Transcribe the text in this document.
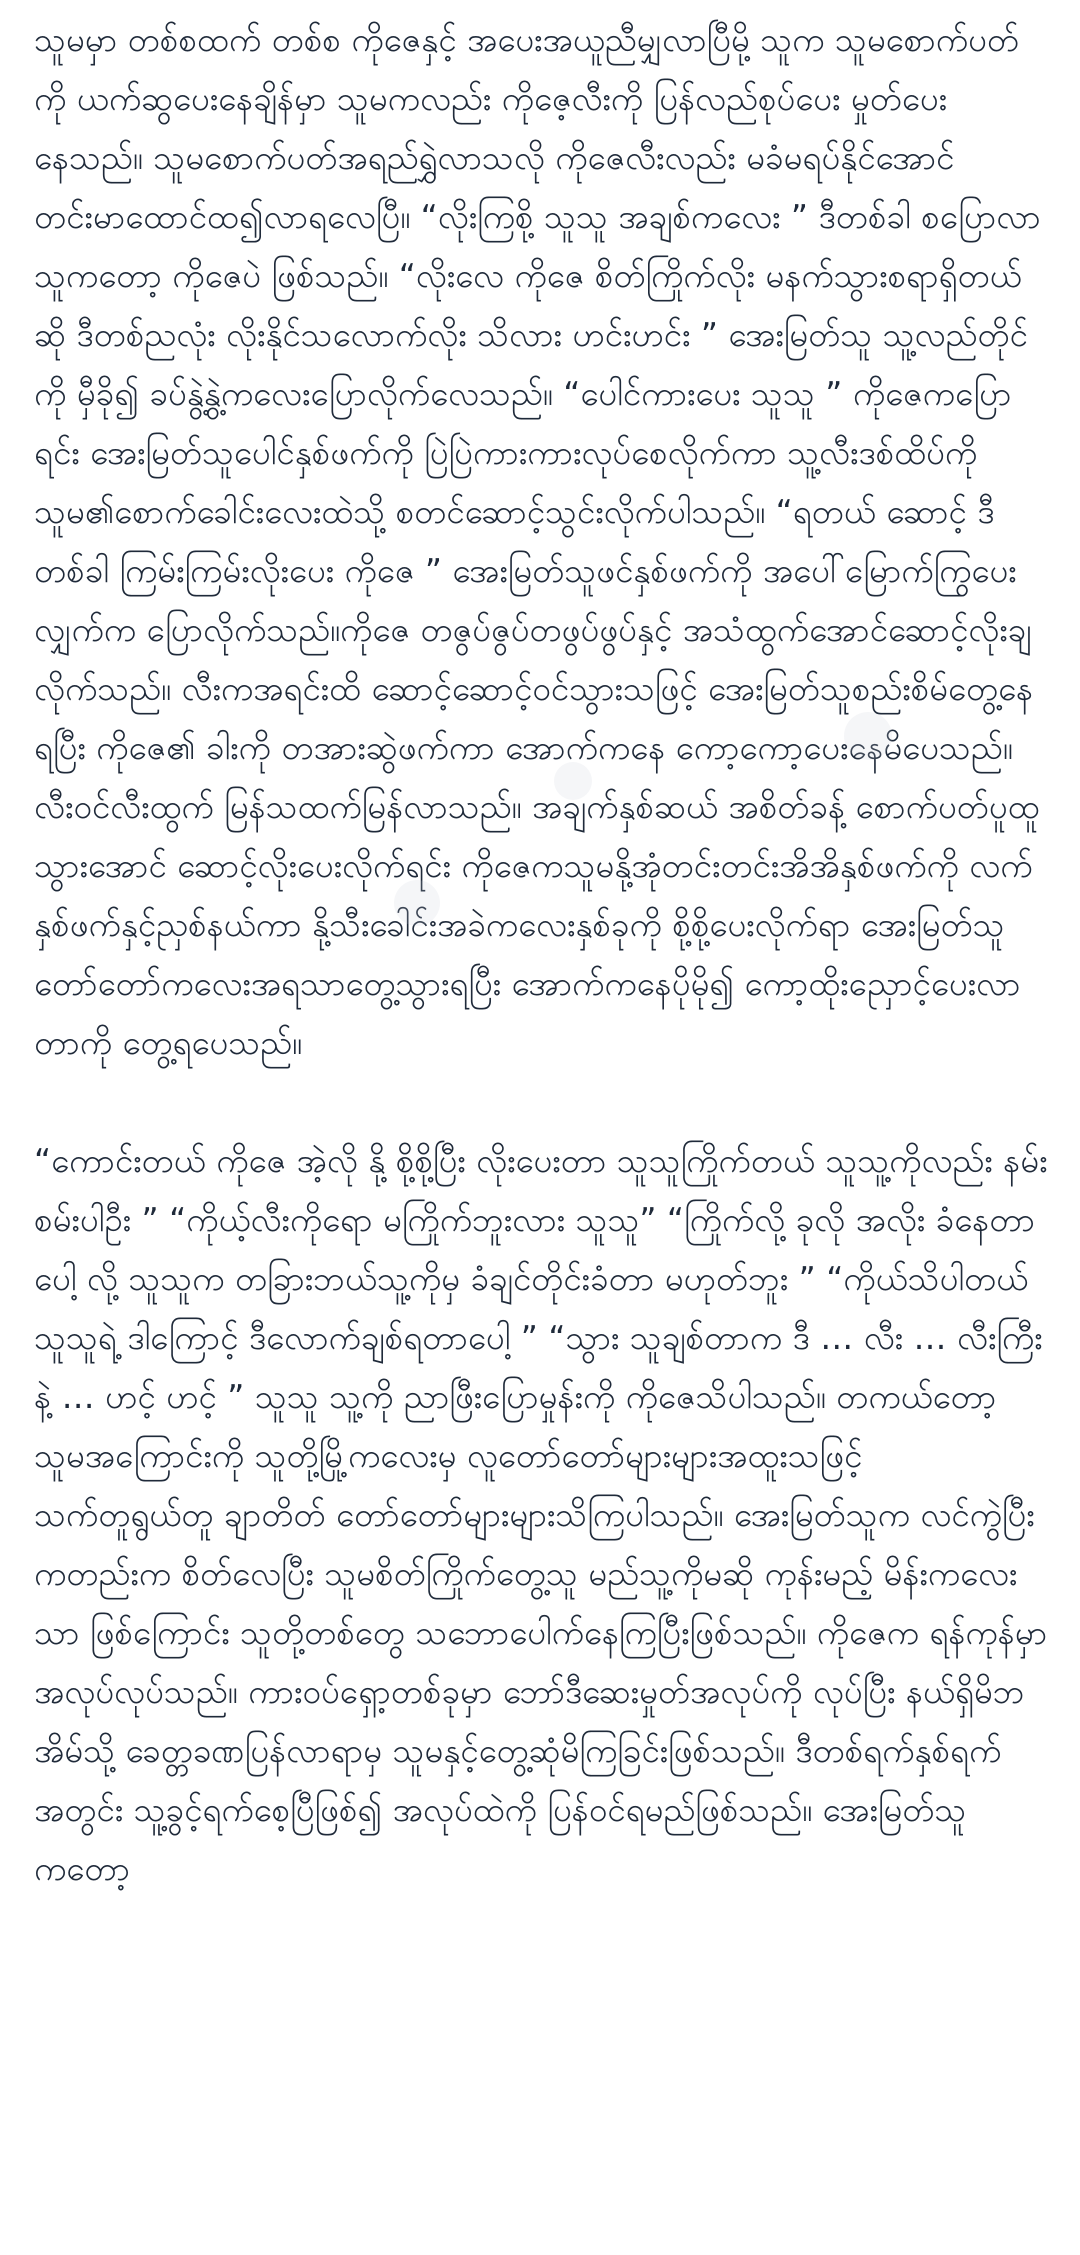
သူမမှာ တစ်စထက် တစ်စ ကိုဇေနှင့် အပေးအယူညီမျှလာပြီမို့ သူက သူမစောက်ပတ်ကို ယက်ဆွပေးနေချိန်မှာ သူမကလည်း ကိုဇေ့လီးကို ပြန်လည်စုပ်ပေး မှုတ်ပေးနေသည်။ သူမစောက်ပတ်အရည်ရွှဲလာသလို ကိုဇေလီးလည်း မခံမရပ်နိုင်အောင် တင်းမာထောင်ထ၍လာရလေပြီ။ “လိုးကြစို့ သူသူ အချစ်ကလေး ” ဒီတစ်ခါ စပြောလာသူကတော့ ကိုဇေပဲ ဖြစ်သည်။ “လိုးလေ ကိုဇေ စိတ်ကြိုက်လိုး မနက်သွားစရာရှိတယ်ဆို ဒီတစ်ညလုံး လိုးနိုင်သလောက်လိုး သိလား ဟင်းဟင်း ” အေးမြတ်သူ သူ့လည်တိုင်ကို မှီခို၍ ခပ်နွဲ့နွဲ့ကလေးပြောလိုက်လေသည်။ “ပေါင်ကားပေး သူသူ ” ကိုဇေကပြောရင်း အေးမြတ်သူပေါင်နှစ်ဖက်ကို ပြဲပြဲကားကားလုပ်စေလိုက်ကာ သူ့လီးဒစ်ထိပ်ကို သူမ၏စောက်ခေါင်းလေးထဲသို့ စတင်ဆောင့်သွင်းလိုက်ပါသည်။ “ရတယ် ဆောင့် ဒီတစ်ခါ ကြမ်းကြမ်းလိုးပေး ကိုဇေ ” အေးမြတ်သူဖင်နှစ်ဖက်ကို အပေါ်မြောက်ကြွပေးလျှက်က ပြောလိုက်သည်။ကိုဇေ တဇွပ်ဇွပ်တဖွပ်ဖွပ်နှင့် အသံထွက်အောင်ဆောင့်လိုးချလိုက်သည်။ လီးကအရင်းထိ ဆောင့်ဆောင့်ဝင်သွားသဖြင့် အေးမြတ်သူစည်းစိမ်တွေ့နေရပြီး ကိုဇေ၏ ခါးကို တအားဆွဲဖက်ကာ အောက်ကနေ ကော့ကော့ပေးနေမိပေသည်။ လီးဝင်လီးထွက် မြန်သထက်မြန်လာသည်။ အချက်နှစ်ဆယ် အစိတ်ခန့် စောက်ပတ်ပူထူသွားအောင် ဆောင့်လိုးပေးလိုက်ရင်း ကိုဇေကသူမနို့အုံတင်းတင်းအိအိနှစ်ဖက်ကို လက်နှစ်ဖက်နှင့်ညှစ်နယ်ကာ နို့သီးခေါင်းအခဲကလေးနှစ်ခုကို စို့စို့ပေးလိုက်ရာ အေးမြတ်သူ တော်တော်ကလေးအရသာတွေ့သွားရပြီး အောက်ကနေပိုမို၍ ကော့ထိုးညှောင့်ပေးလာတာကို တွေ့ရပေသည်။

“ကောင်းတယ် ကိုဇေ အဲ့လို နို့ စို့စို့ပြီး လိုးပေးတာ သူသူကြိုက်တယ် သူသူ့ကိုလည်း နမ်းစမ်းပါဦး ” “ကိုယ့်လီးကိုရော မကြိုက်ဘူးလား သူသူ” “ကြိုက်လို့ ခုလို အလိုး ခံနေတာပေါ့ လို့ သူသူက တခြားဘယ်သူ့ကိုမှ ခံချင်တိုင်းခံတာ မဟုတ်ဘူး ” “ကိုယ်သိပါတယ် သူသူရဲ့ ဒါကြောင့် ဒီလောက်ချစ်ရတာပေါ့ ” “သွား သူချစ်တာက ဒီ … လီး … လီးကြီးနဲ့ … ဟင့် ဟင့် ” သူသူ သူ့ကို ညာဖြီးပြောမှုန်းကို ကိုဇေသိပါသည်။ တကယ်တော့ သူမအကြောင်းကို သူတို့မြို့ကလေးမှ လူတော်တော်များများအထူးသဖြင့် သက်တူရွယ်တူ ချာတိတ် တော်တော်များများသိကြပါသည်။ အေးမြတ်သူက လင်ကွဲပြီးကတည်းက စိတ်လေပြီး သူမစိတ်ကြိုက်တွေ့သူ မည်သူ့ကိုမဆို ကုန်းမည့် မိန်းကလေးသာ ဖြစ်ကြောင်း သူတို့တစ်တွေ သဘောပေါက်နေကြပြီးဖြစ်သည်။ ကိုဇေက ရန်ကုန်မှာ အလုပ်လုပ်သည်။ ကားဝပ်ရှော့တစ်ခုမှာ ဘော်ဒီဆေးမှုတ်အလုပ်ကို လုပ်ပြီး နယ်ရှိမိဘအိမ်သို့ ခေတ္တခဏပြန်လာရာမှ သူမနှင့်တွေ့ဆုံမိကြခြင်းဖြစ်သည်။ ဒီတစ်ရက်နှစ်ရက်အတွင်း သူ့ခွင့်ရက်စေ့ပြီဖြစ်၍ အလုပ်ထဲကို ပြန်ဝင်ရမည်ဖြစ်သည်။ အေးမြတ်သူကတော့
